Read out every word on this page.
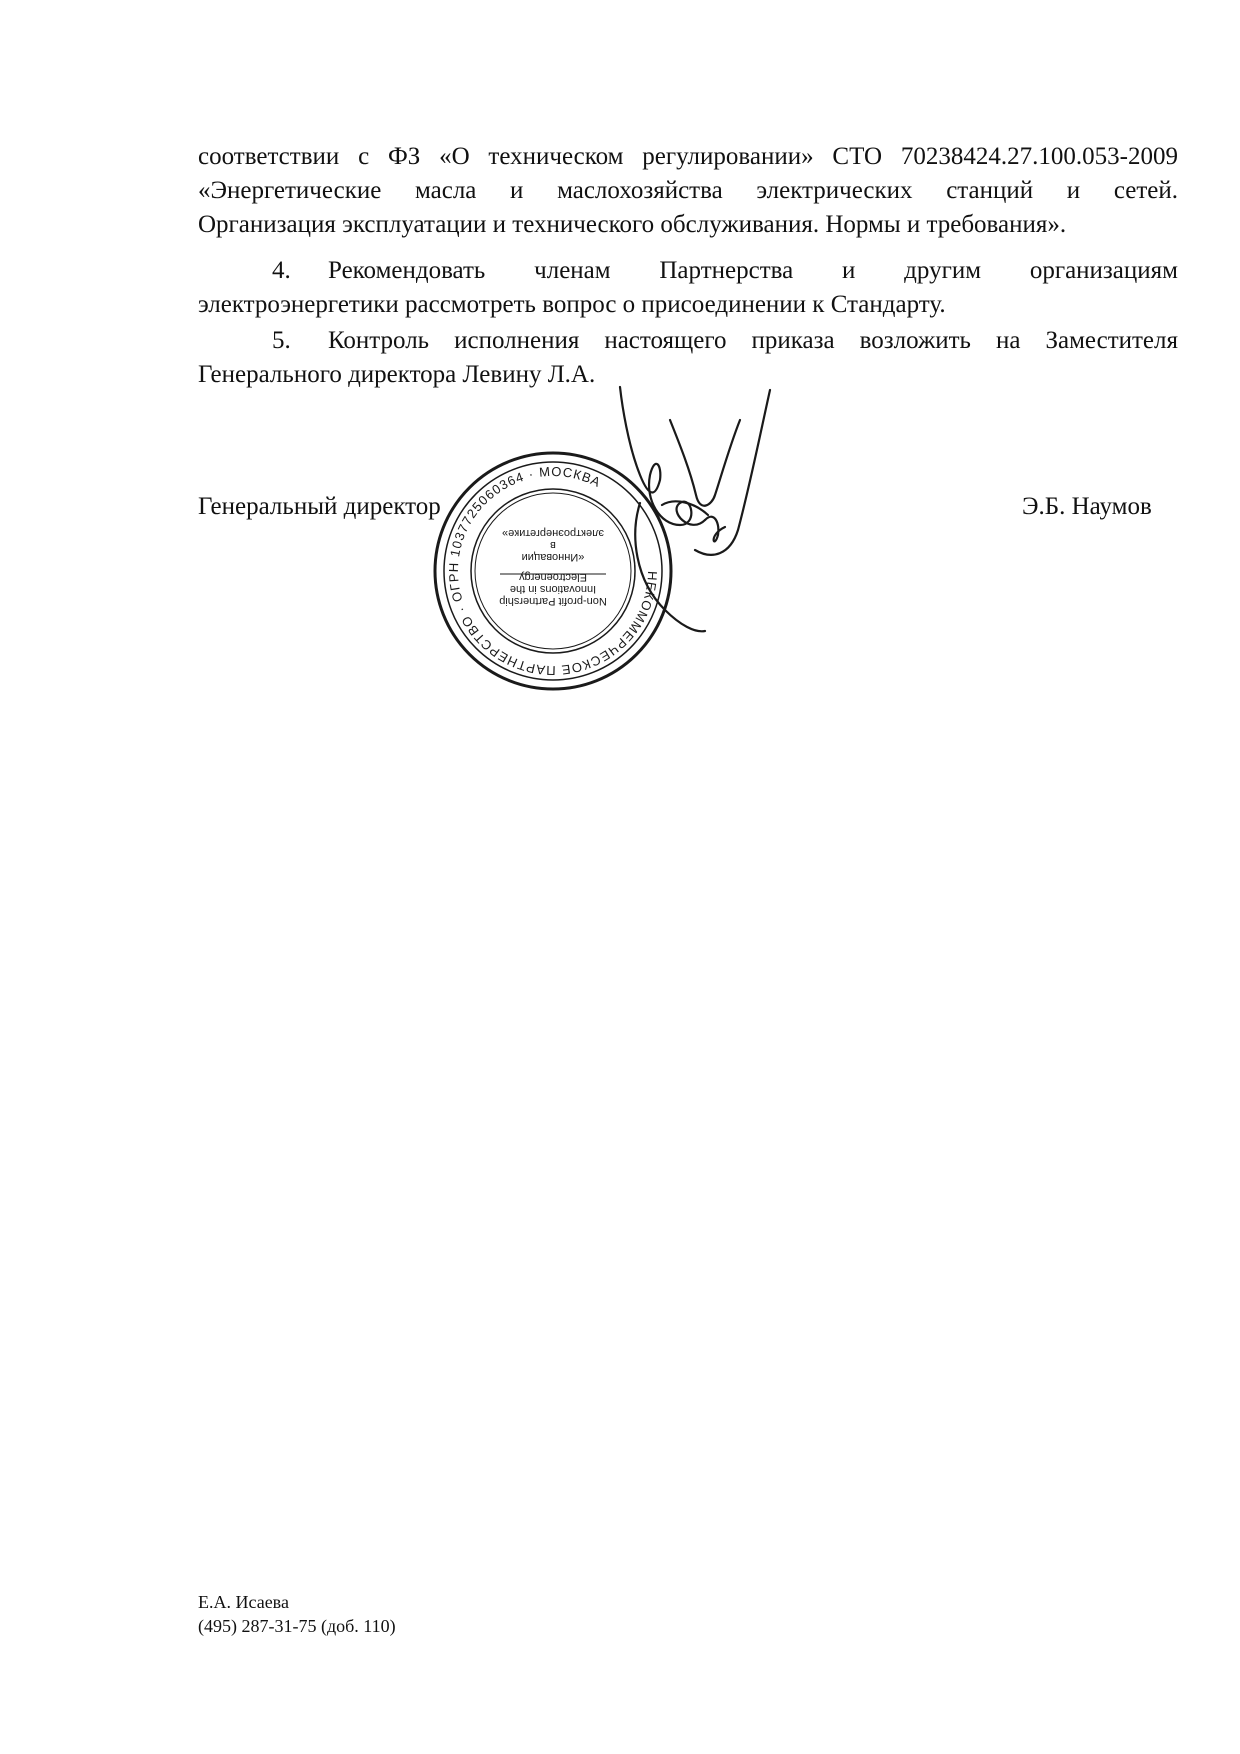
соответствии с ФЗ «О техническом регулировании» СТО 70238424.27.100.053-2009
«Энергетические масла и маслохозяйства электрических станций и сетей.
Организация эксплуатации и технического обслуживания. Нормы и требования».
4. Рекомендовать членам Партнерства и другим организациям
электроэнергетики рассмотреть вопрос о присоединении к Стандарту.
5. Контроль исполнения настоящего приказа возложить на Заместителя
Генерального директора Левину Л.А.
Генеральный директор	Э.Б. Наумов
НЕКОММЕРЧЕСКОЕ ПАРТНЕРСТВО · ОГРН 1037725060364 · МОСКВА
Non-profit Partnership
Innovations in the
Electroenergy
«Инновации
в
электроэнергетике»
Е.А. Исаева
(495) 287-31-75 (доб. 110)
